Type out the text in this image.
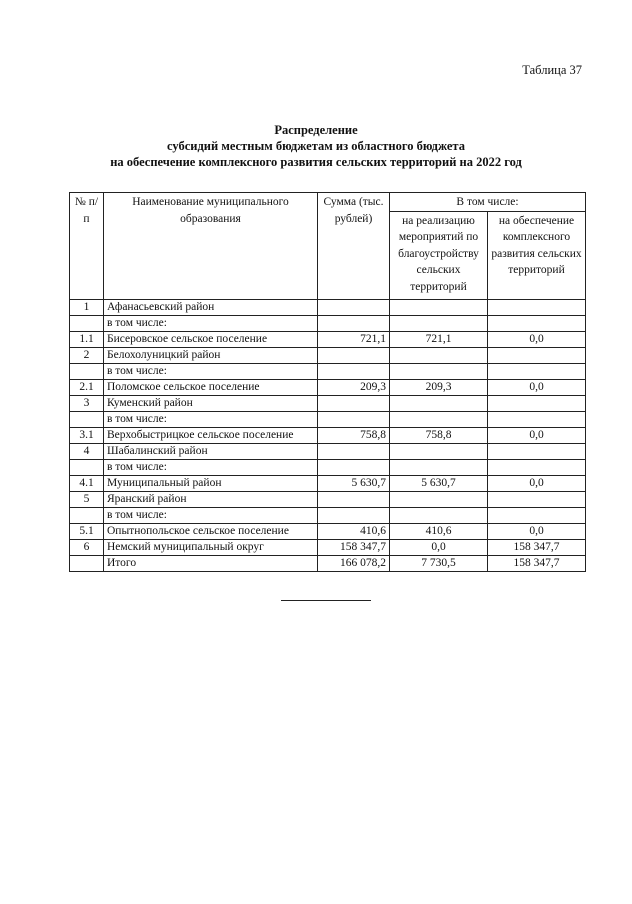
Таблица 37
Распределение
субсидий местным бюджетам из областного бюджета
на обеспечение комплексного развития сельских территорий на 2022 год
№ п/п	Наименование муниципального образования	Сумма (тыс. рублей)	В том числе:	
			на реализацию мероприятий по благоустройству сельских территорий	на обеспечение комплексного развития сельских территорий
1	Афанасьевский район			
	в том числе:			
1.1	Бисеровское сельское поселение	721,1	721,1	0,0
2	Белохолуницкий район			
	в том числе:			
2.1	Поломское сельское поселение	209,3	209,3	0,0
3	Куменский район			
	в том числе:			
3.1	Верхобыстрицкое сельское поселение	758,8	758,8	0,0
4	Шабалинский район			
	в том числе:			
4.1	Муниципальный район	5 630,7	5 630,7	0,0
5	Яранский район			
	в том числе:			
5.1	Опытнопольское сельское поселение	410,6	410,6	0,0
6	Немский муниципальный округ	158 347,7	0,0	158 347,7
	Итого	166 078,2	7 730,5	158 347,7
